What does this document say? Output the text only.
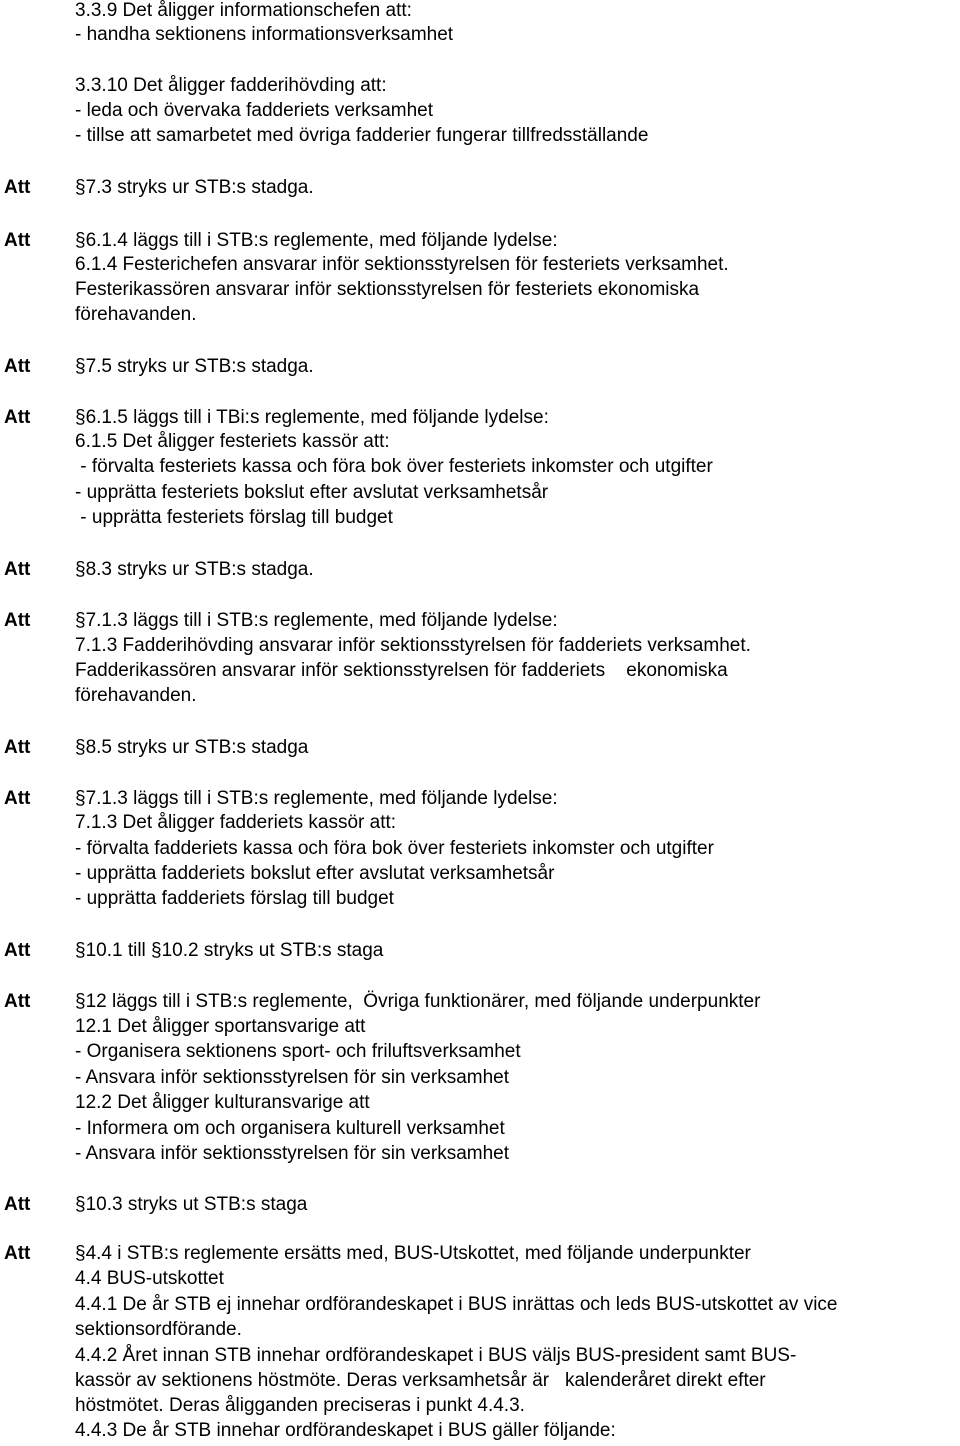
Att
Att
Att
Att
Att
Att
Att
Att
Att
Att
Att
Att
3.3.9 Det åligger informationschefen att:
- handha sektionens informationsverksamhet
3.3.10 Det åligger fadderihövding att:
- leda och övervaka fadderiets verksamhet
- tillse att samarbetet med övriga fadderier fungerar tillfredsställande
§7.3 stryks ur STB:s stadga.
§6.1.4 läggs till i STB:s reglemente, med följande lydelse:
6.1.4 Festerichefen ansvarar inför sektionsstyrelsen för festeriets verksamhet.
Festerikassören ansvarar inför sektionsstyrelsen för festeriets ekonomiska
förehavanden.
§7.5 stryks ur STB:s stadga.
§6.1.5 läggs till i TBi:s reglemente, med följande lydelse:
6.1.5 Det åligger festeriets kassör att:
- förvalta festeriets kassa och föra bok över festeriets inkomster och utgifter
- upprätta festeriets bokslut efter avslutat verksamhetsår
- upprätta festeriets förslag till budget
§8.3 stryks ur STB:s stadga.
§7.1.3 läggs till i STB:s reglemente, med följande lydelse:
7.1.3 Fadderihövding ansvarar inför sektionsstyrelsen för fadderiets verksamhet.
Fadderikassören ansvarar inför sektionsstyrelsen för fadderiets    ekonomiska
förehavanden.
§8.5 stryks ur STB:s stadga
§7.1.3 läggs till i STB:s reglemente, med följande lydelse:
7.1.3 Det åligger fadderiets kassör att:
- förvalta fadderiets kassa och föra bok över festeriets inkomster och utgifter
- upprätta fadderiets bokslut efter avslutat verksamhetsår
- upprätta fadderiets förslag till budget
§10.1 till §10.2 stryks ut STB:s staga
§12 läggs till i STB:s reglemente,  Övriga funktionärer, med följande underpunkter
12.1 Det åligger sportansvarige att
- Organisera sektionens sport- och friluftsverksamhet
- Ansvara inför sektionsstyrelsen för sin verksamhet
12.2 Det åligger kulturansvarige att
- Informera om och organisera kulturell verksamhet
- Ansvara inför sektionsstyrelsen för sin verksamhet
§10.3 stryks ut STB:s staga
§4.4 i STB:s reglemente ersätts med, BUS-Utskottet, med följande underpunkter
4.4 BUS-utskottet
4.4.1 De år STB ej innehar ordförandeskapet i BUS inrättas och leds BUS-utskottet av vice
sektionsordförande.
4.4.2 Året innan STB innehar ordförandeskapet i BUS väljs BUS-president samt BUS-
kassör av sektionens höstmöte. Deras verksamhetsår är   kalenderåret direkt efter
höstmötet. Deras åligganden preciseras i punkt 4.4.3.
4.4.3 De år STB innehar ordförandeskapet i BUS gäller följande:
